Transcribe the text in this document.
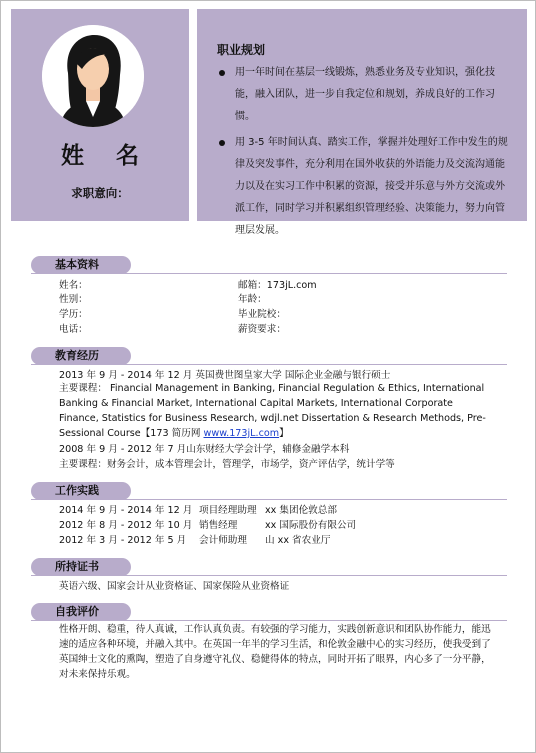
姓 名
求职意向：
职业规划
用一年时间在基层一线锻炼，熟悉业务及专业知识，强化技能，融入团队，进一步自我定位和规划，养成良好的工作习惯。
用 3-5 年时间认真、踏实工作，掌握并处理好工作中发生的规律及突发事件，充分利用在国外收获的外语能力及交流沟通能力以及在实习工作中积累的资源，接受并乐意与外方交流或外派工作，同时学习并积累组织管理经验、决策能力，努力向管理层发展。
基本资料
姓名：
性别：
学历：
电话：
邮箱：173jL.com
年龄：
毕业院校：
薪资要求：
教育经历
2013 年 9 月 - 2014 年 12 月 英国费世图皇家大学 国际企业金融与银行硕士
主要课程： Financial Management in Banking, Financial Regulation & Ethics, International Banking & Financial Market, International Capital Markets, International Corporate Finance, Statistics for Business Research, wdjl.net Dissertation & Research Methods, Pre-Sessional Course【173 简历网 www.173jL.com】
2008 年 9 月 - 2012 年 7 月山东财经大学会计学，辅修金融学本科
主要课程：财务会计，成本管理会计，管理学，市场学，资产评估学，统计学等
工作实践
2014 年 9 月 - 2014 年 12 月 项目经理助理 xx 集团伦敦总部
2012 年 8 月 - 2012 年 10 月 销售经理	xx 国际股份有限公司
2012 年 3 月 - 2012 年 5 月 会计师助理 山 xx 省农业厅
所持证书
英语六级、国家会计从业资格证、国家保险从业资格证
自我评价
性格开朗、稳重，待人真诚，工作认真负责。有较强的学习能力，实践创新意识和团队协作能力，能迅速的适应各种环境，并融入其中。在英国一年半的学习生活，和伦敦金融中心的实习经历，使我受到了英国绅士文化的熏陶，塑造了自身遵守礼仪、稳健得体的特点，同时开拓了眼界，内心多了一分平静，对未来保持乐观。
